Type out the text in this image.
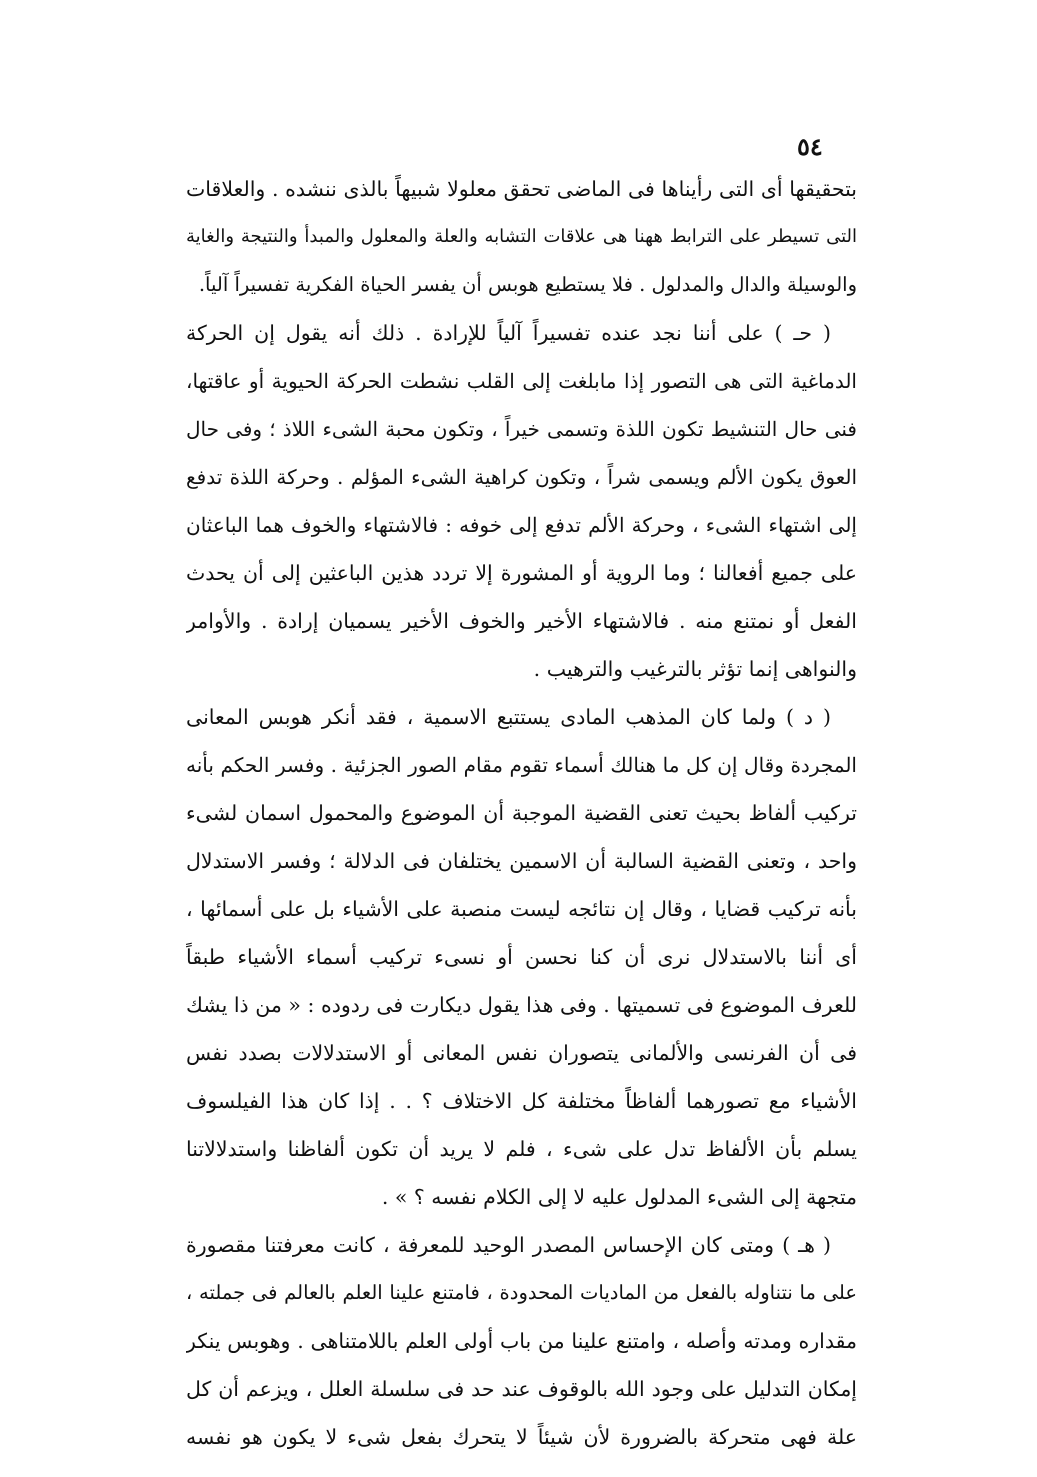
٥٤
بتحقيقها أى التى رأيناها فى الماضى تحقق معلولا شبيهاً بالذى ننشده . والعلاقات
التى تسيطر على الترابط ههنا هى علاقات التشابه والعلة والمعلول والمبدأ والنتيجة والغاية
والوسيلة والدال والمدلول . فلا يستطيع هوبس أن يفسر الحياة الفكرية تفسيراً آلياً.
( حـ ) على أننا نجد عنده تفسيراً آلياً للإرادة . ذلك أنه يقول إن الحركة
الدماغية التى هى التصور إذا مابلغت إلى القلب نشطت الحركة الحيوية أو عاقتها،
فنى حال التنشيط تكون اللذة وتسمى خيراً ، وتكون محبة الشىء اللاذ ؛ وفى حال
العوق يكون الألم ويسمى شراً ، وتكون كراهية الشىء المؤلم . وحركة اللذة تدفع
إلى اشتهاء الشىء ، وحركة الألم تدفع إلى خوفه : فالاشتهاء والخوف هما الباعثان
على جميع أفعالنا ؛ وما الروية أو المشورة إلا تردد هذين الباعثين إلى أن يحدث
الفعل أو نمتنع منه . فالاشتهاء الأخير والخوف الأخير يسميان إرادة . والأوامر
والنواهى إنما تؤثر بالترغيب والترهيب .
( د ) ولما كان المذهب المادى يستتبع الاسمية ، فقد أنكر هوبس المعانى
المجردة وقال إن كل ما هنالك أسماء تقوم مقام الصور الجزئية . وفسر الحكم بأنه
تركيب ألفاظ بحيث تعنى القضية الموجبة أن الموضوع والمحمول اسمان لشىء
واحد ، وتعنى القضية السالبة أن الاسمين يختلفان فى الدلالة ؛ وفسر الاستدلال
بأنه تركيب قضايا ، وقال إن نتائجه ليست منصبة على الأشياء بل على أسمائها ،
أى أننا بالاستدلال نرى أن كنا نحسن أو نسىء تركيب أسماء الأشياء طبقاً
للعرف الموضوع فى تسميتها . وفى هذا يقول ديكارت فى ردوده : « من ذا يشك
فى أن الفرنسى والألمانى يتصوران نفس المعانى أو الاستدلالات بصدد نفس
الأشياء مع تصورهما ألفاظاً مختلفة كل الاختلاف ؟ . . إذا كان هذا الفيلسوف
يسلم بأن الألفاظ تدل على شىء ، فلم لا يريد أن تكون ألفاظنا واستدلالاتنا
متجهة إلى الشىء المدلول عليه لا إلى الكلام نفسه ؟ » .
( هـ ) ومتى كان الإحساس المصدر الوحيد للمعرفة ، كانت معرفتنا مقصورة
على ما نتناوله بالفعل من الماديات المحدودة ، فامتنع علينا العلم بالعالم فى جملته ،
مقداره ومدته وأصله ، وامتنع علينا من باب أولى العلم باللامتناهى . وهوبس ينكر
إمكان التدليل على وجود الله بالوقوف عند حد فى سلسلة العلل ، ويزعم أن كل
علة فهى متحركة بالضرورة لأن شيئاً لا يتحرك بفعل شىء لا يكون هو نفسه
